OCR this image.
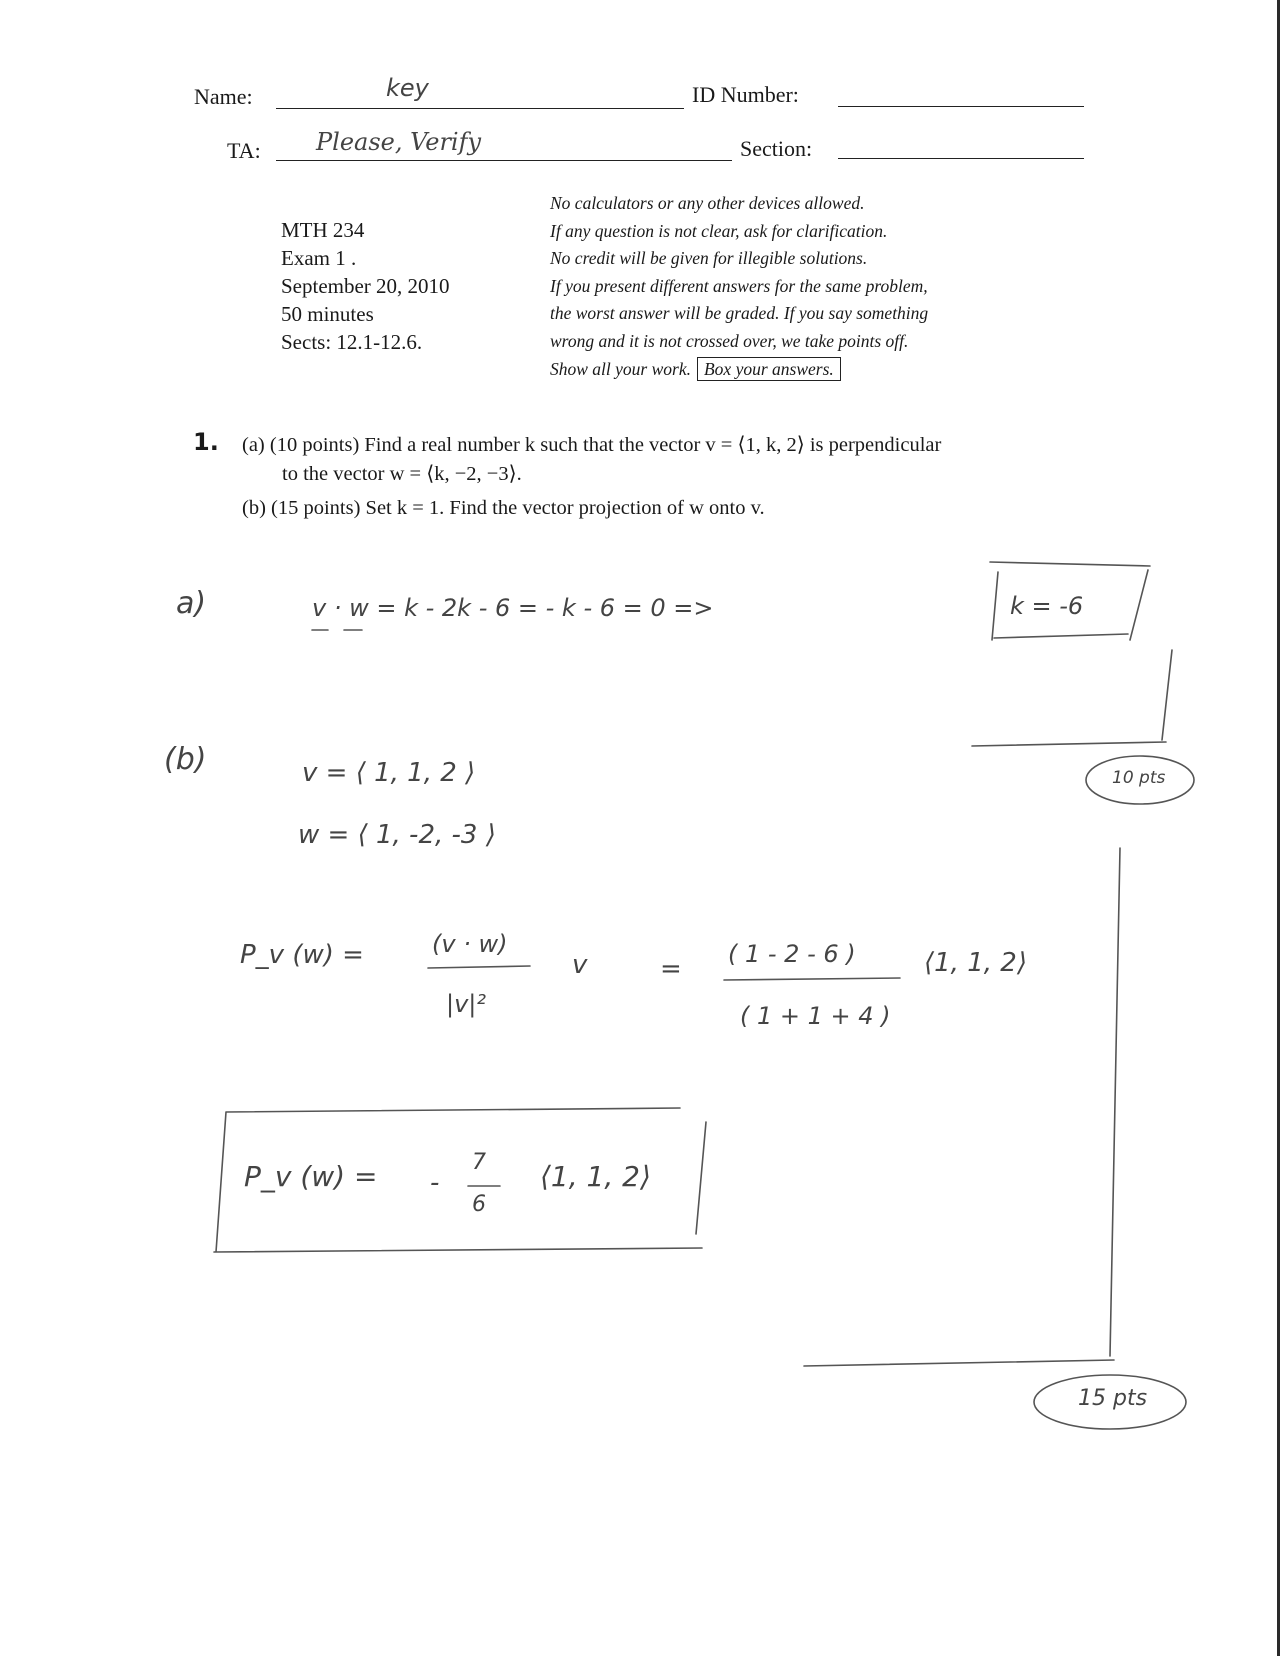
Name:	key	ID Number:
TA: Please, Verify	Section:
MTH 234
Exam 1 .
September 20, 2010
50 minutes
Sects: 12.1-12.6.
No calculators or any other devices allowed.
If any question is not clear, ask for clarification.
No credit will be given for illegible solutions.
If you present different answers for the same problem,
the worst answer will be graded. If you say something
wrong and it is not crossed over, we take points off.
Show all your work. Box your answers.
1. (a) (10 points) Find a real number k such that the vector v = ⟨1, k, 2⟩ is perpendicular
to the vector w = ⟨k, −2, −3⟩.
(b) (15 points) Set k = 1. Find the vector projection of w onto v.
a)	v · w = k - 2k - 6 = - k - 6 = 0 =>	k = -6
10 pts
(b)	v = ⟨ 1, 1, 2 ⟩
w = ⟨ 1, -2, -3 ⟩
P_v (w) =	(v · w)
|v|²
v	= ( 1 - 2 - 6 )
( 1 + 1 + 4 )
⟨1, 1, 2⟩
P_v (w) = -
7
6
⟨1, 1, 2⟩
15 pts
